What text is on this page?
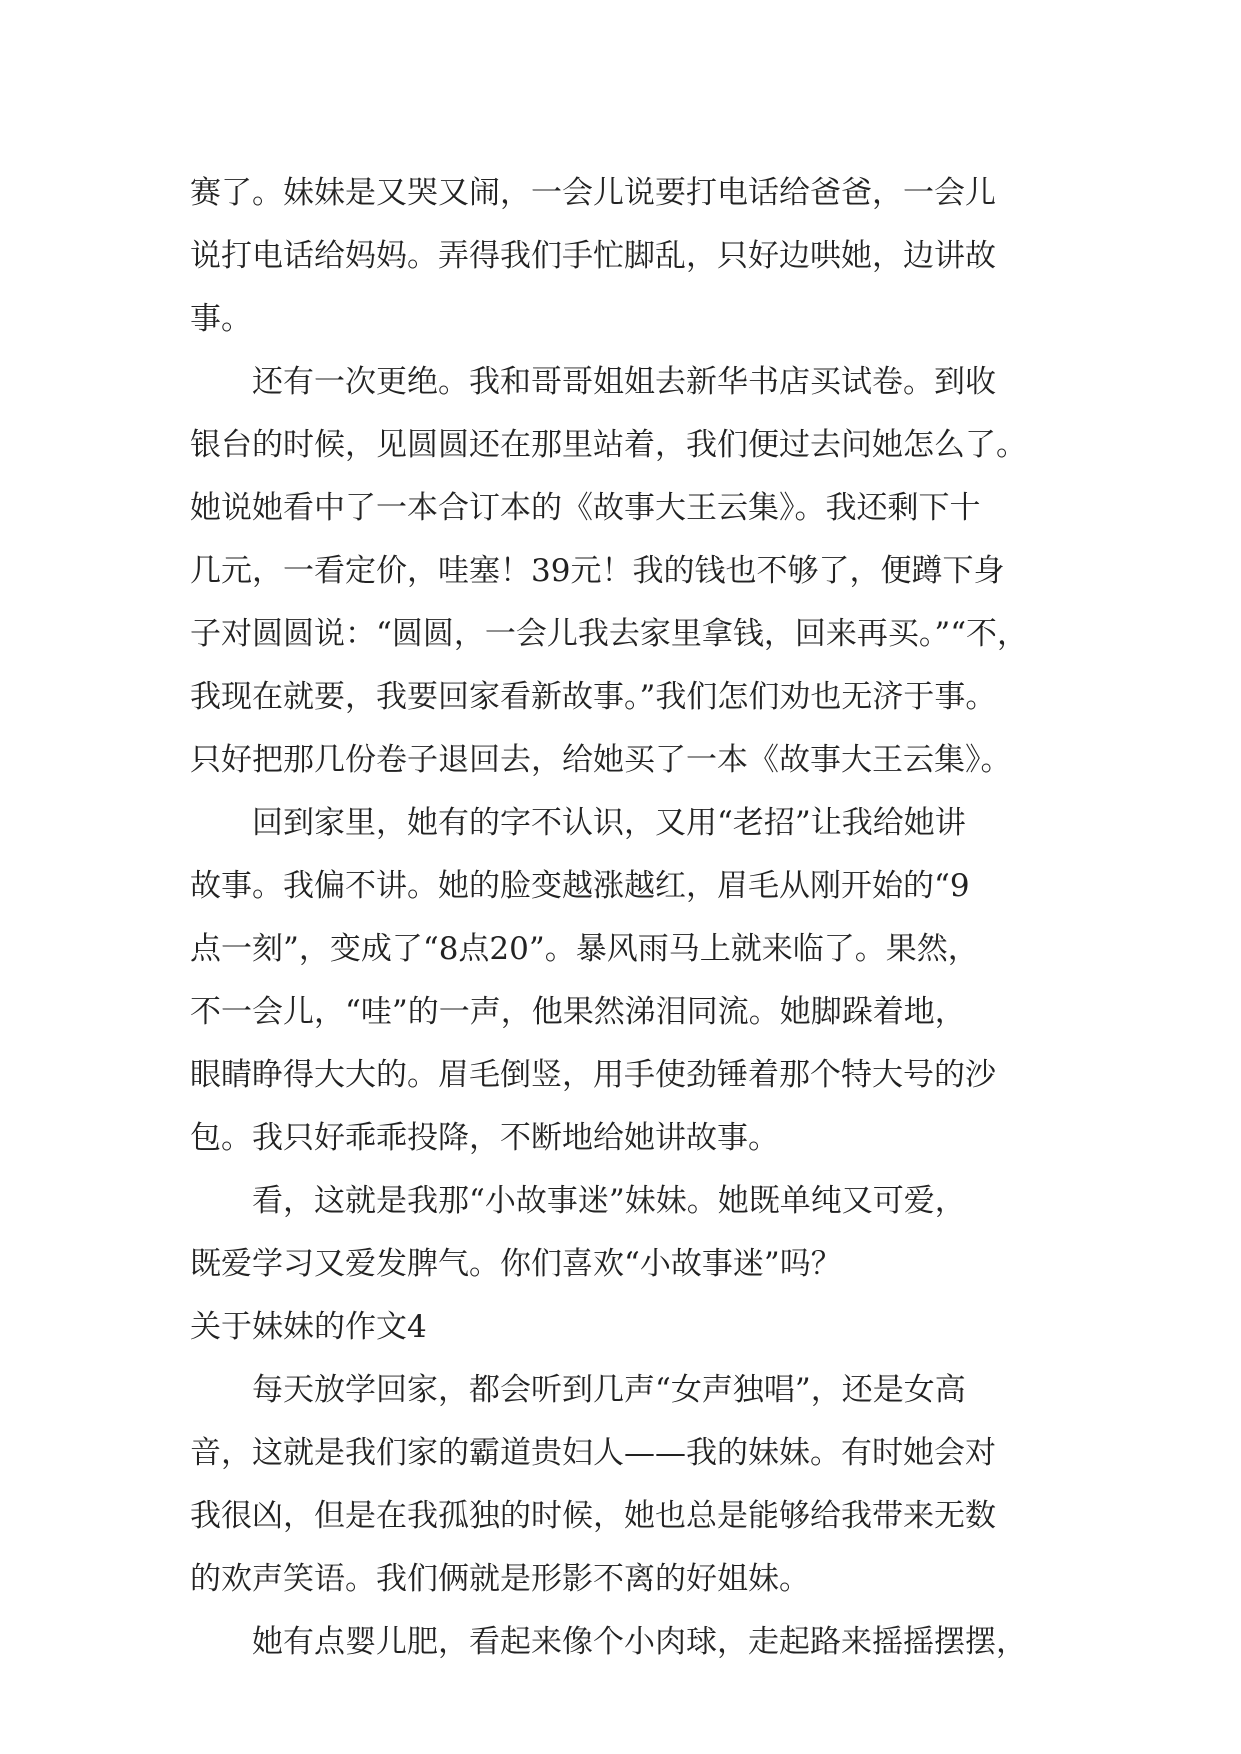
赛了。妹妹是又哭又闹，一会儿说要打电话给爸爸，一会儿
说打电话给妈妈。弄得我们手忙脚乱，只好边哄她，边讲故
事。
　　还有一次更绝。我和哥哥姐姐去新华书店买试卷。到收
银台的时候，见圆圆还在那里站着，我们便过去问她怎么了。
她说她看中了一本合订本的《故事大王云集》。我还剩下十
几元，一看定价，哇塞！39元！我的钱也不够了，便蹲下身
子对圆圆说：“圆圆，一会儿我去家里拿钱，回来再买。”“不，
我现在就要，我要回家看新故事。”我们怎们劝也无济于事。
只好把那几份卷子退回去，给她买了一本《故事大王云集》。
　　回到家里，她有的字不认识，又用“老招”让我给她讲
故事。我偏不讲。她的脸变越涨越红，眉毛从刚开始的“9
点一刻”，变成了“8点20”。暴风雨马上就来临了。果然，
不一会儿，“哇”的一声，他果然涕泪同流。她脚跺着地，
眼睛睁得大大的。眉毛倒竖，用手使劲锤着那个特大号的沙
包。我只好乖乖投降，不断地给她讲故事。
　　看，这就是我那“小故事迷”妹妹。她既单纯又可爱，
既爱学习又爱发脾气。你们喜欢“小故事迷”吗？
关于妹妹的作文4
　　每天放学回家，都会听到几声“女声独唱”，还是女高
音，这就是我们家的霸道贵妇人——我的妹妹。有时她会对
我很凶，但是在我孤独的时候，她也总是能够给我带来无数
的欢声笑语。我们俩就是形影不离的好姐妹。
　　她有点婴儿肥，看起来像个小肉球，走起路来摇摇摆摆，
